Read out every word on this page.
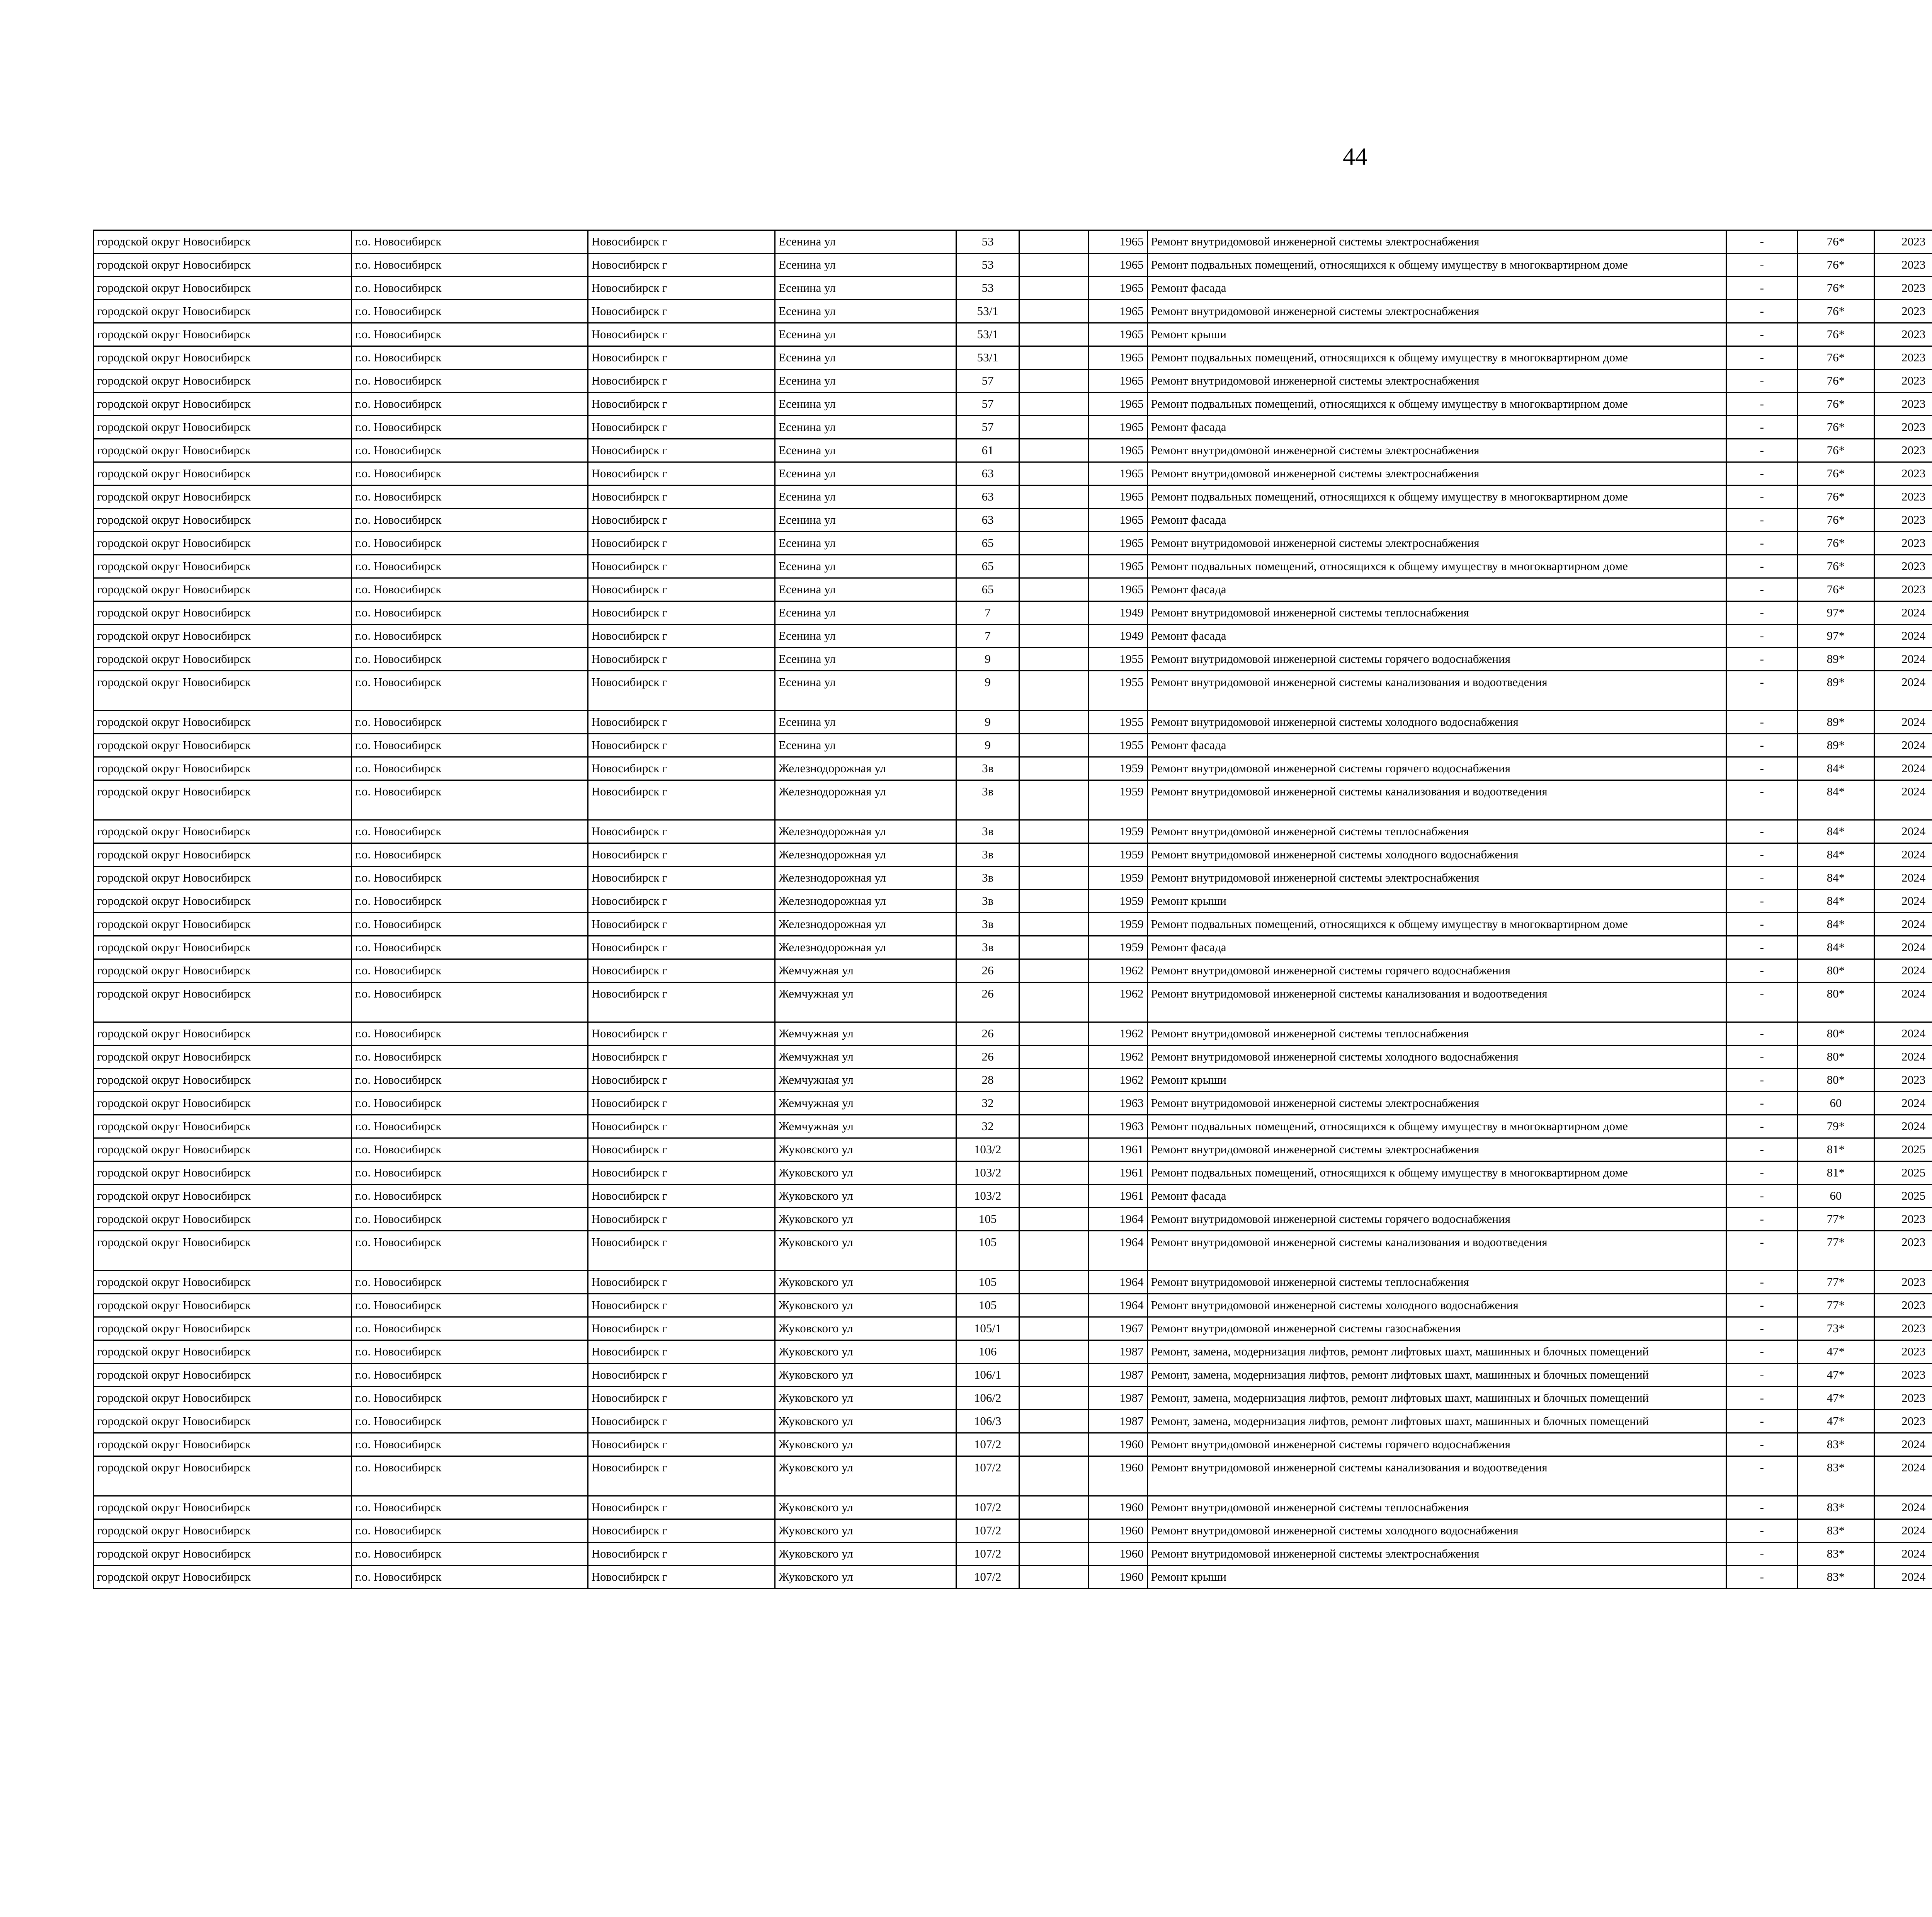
44
городской округ Новосибирск	г.о. Новосибирск	Новосибирск г	Есенина ул	53		1965	Ремонт внутридомовой инженерной системы электроснабжения	-	76*	2023							
городской округ Новосибирск	г.о. Новосибирск	Новосибирск г	Есенина ул	53		1965	Ремонт подвальных помещений, относящихся к общему имуществу в многоквартирном доме	-	76*	2023							
городской округ Новосибирск	г.о. Новосибирск	Новосибирск г	Есенина ул	53		1965	Ремонт фасада	-	76*	2023							
городской округ Новосибирск	г.о. Новосибирск	Новосибирск г	Есенина ул	53/1		1965	Ремонт внутридомовой инженерной системы электроснабжения	-	76*	2023							
городской округ Новосибирск	г.о. Новосибирск	Новосибирск г	Есенина ул	53/1		1965	Ремонт крыши	-	76*	2023							
городской округ Новосибирск	г.о. Новосибирск	Новосибирск г	Есенина ул	53/1		1965	Ремонт подвальных помещений, относящихся к общему имуществу в многоквартирном доме	-	76*	2023							
городской округ Новосибирск	г.о. Новосибирск	Новосибирск г	Есенина ул	57		1965	Ремонт внутридомовой инженерной системы электроснабжения	-	76*	2023							
городской округ Новосибирск	г.о. Новосибирск	Новосибирск г	Есенина ул	57		1965	Ремонт подвальных помещений, относящихся к общему имуществу в многоквартирном доме	-	76*	2023							
городской округ Новосибирск	г.о. Новосибирск	Новосибирск г	Есенина ул	57		1965	Ремонт фасада	-	76*	2023							
городской округ Новосибирск	г.о. Новосибирск	Новосибирск г	Есенина ул	61		1965	Ремонт внутридомовой инженерной системы электроснабжения	-	76*	2023							
городской округ Новосибирск	г.о. Новосибирск	Новосибирск г	Есенина ул	63		1965	Ремонт внутридомовой инженерной системы электроснабжения	-	76*	2023							
городской округ Новосибирск	г.о. Новосибирск	Новосибирск г	Есенина ул	63		1965	Ремонт подвальных помещений, относящихся к общему имуществу в многоквартирном доме	-	76*	2023							
городской округ Новосибирск	г.о. Новосибирск	Новосибирск г	Есенина ул	63		1965	Ремонт фасада	-	76*	2023							
городской округ Новосибирск	г.о. Новосибирск	Новосибирск г	Есенина ул	65		1965	Ремонт внутридомовой инженерной системы электроснабжения	-	76*	2023							
городской округ Новосибирск	г.о. Новосибирск	Новосибирск г	Есенина ул	65		1965	Ремонт подвальных помещений, относящихся к общему имуществу в многоквартирном доме	-	76*	2023							
городской округ Новосибирск	г.о. Новосибирск	Новосибирск г	Есенина ул	65		1965	Ремонт фасада	-	76*	2023							
городской округ Новосибирск	г.о. Новосибирск	Новосибирск г	Есенина ул	7		1949	Ремонт внутридомовой инженерной системы теплоснабжения	-	97*	2024							
городской округ Новосибирск	г.о. Новосибирск	Новосибирск г	Есенина ул	7		1949	Ремонт фасада	-	97*	2024							
городской округ Новосибирск	г.о. Новосибирск	Новосибирск г	Есенина ул	9		1955	Ремонт внутридомовой инженерной системы горячего водоснабжения	-	89*	2024							
городской округ Новосибирск	г.о. Новосибирск	Новосибирск г	Есенина ул	9		1955	Ремонт внутридомовой инженерной системы канализования и водоотведения	-	89*	2024							
городской округ Новосибирск	г.о. Новосибирск	Новосибирск г	Есенина ул	9		1955	Ремонт внутридомовой инженерной системы холодного водоснабжения	-	89*	2024							
городской округ Новосибирск	г.о. Новосибирск	Новосибирск г	Есенина ул	9		1955	Ремонт фасада	-	89*	2024							
городской округ Новосибирск	г.о. Новосибирск	Новосибирск г	Железнодорожная ул	3в		1959	Ремонт внутридомовой инженерной системы горячего водоснабжения	-	84*	2024							
городской округ Новосибирск	г.о. Новосибирск	Новосибирск г	Железнодорожная ул	3в		1959	Ремонт внутридомовой инженерной системы канализования и водоотведения	-	84*	2024							
городской округ Новосибирск	г.о. Новосибирск	Новосибирск г	Железнодорожная ул	3в		1959	Ремонт внутридомовой инженерной системы теплоснабжения	-	84*	2024							
городской округ Новосибирск	г.о. Новосибирск	Новосибирск г	Железнодорожная ул	3в		1959	Ремонт внутридомовой инженерной системы холодного водоснабжения	-	84*	2024							
городской округ Новосибирск	г.о. Новосибирск	Новосибирск г	Железнодорожная ул	3в		1959	Ремонт внутридомовой инженерной системы электроснабжения	-	84*	2024							
городской округ Новосибирск	г.о. Новосибирск	Новосибирск г	Железнодорожная ул	3в		1959	Ремонт крыши	-	84*	2024							
городской округ Новосибирск	г.о. Новосибирск	Новосибирск г	Железнодорожная ул	3в		1959	Ремонт подвальных помещений, относящихся к общему имуществу в многоквартирном доме	-	84*	2024							
городской округ Новосибирск	г.о. Новосибирск	Новосибирск г	Железнодорожная ул	3в		1959	Ремонт фасада	-	84*	2024							
городской округ Новосибирск	г.о. Новосибирск	Новосибирск г	Жемчужная ул	26		1962	Ремонт внутридомовой инженерной системы горячего водоснабжения	-	80*	2024							
городской округ Новосибирск	г.о. Новосибирск	Новосибирск г	Жемчужная ул	26		1962	Ремонт внутридомовой инженерной системы канализования и водоотведения	-	80*	2024							
городской округ Новосибирск	г.о. Новосибирск	Новосибирск г	Жемчужная ул	26		1962	Ремонт внутридомовой инженерной системы теплоснабжения	-	80*	2024							
городской округ Новосибирск	г.о. Новосибирск	Новосибирск г	Жемчужная ул	26		1962	Ремонт внутридомовой инженерной системы холодного водоснабжения	-	80*	2024							
городской округ Новосибирск	г.о. Новосибирск	Новосибирск г	Жемчужная ул	28		1962	Ремонт крыши	-	80*	2023							
городской округ Новосибирск	г.о. Новосибирск	Новосибирск г	Жемчужная ул	32		1963	Ремонт внутридомовой инженерной системы электроснабжения	-	60	2024							
городской округ Новосибирск	г.о. Новосибирск	Новосибирск г	Жемчужная ул	32		1963	Ремонт подвальных помещений, относящихся к общему имуществу в многоквартирном доме	-	79*	2024							
городской округ Новосибирск	г.о. Новосибирск	Новосибирск г	Жуковского ул	103/2		1961	Ремонт внутридомовой инженерной системы электроснабжения	-	81*	2025							
городской округ Новосибирск	г.о. Новосибирск	Новосибирск г	Жуковского ул	103/2		1961	Ремонт подвальных помещений, относящихся к общему имуществу в многоквартирном доме	-	81*	2025							
городской округ Новосибирск	г.о. Новосибирск	Новосибирск г	Жуковского ул	103/2		1961	Ремонт фасада	-	60	2025							
городской округ Новосибирск	г.о. Новосибирск	Новосибирск г	Жуковского ул	105		1964	Ремонт внутридомовой инженерной системы горячего водоснабжения	-	77*	2023							
городской округ Новосибирск	г.о. Новосибирск	Новосибирск г	Жуковского ул	105		1964	Ремонт внутридомовой инженерной системы канализования и водоотведения	-	77*	2023							
городской округ Новосибирск	г.о. Новосибирск	Новосибирск г	Жуковского ул	105		1964	Ремонт внутридомовой инженерной системы теплоснабжения	-	77*	2023							
городской округ Новосибирск	г.о. Новосибирск	Новосибирск г	Жуковского ул	105		1964	Ремонт внутридомовой инженерной системы холодного водоснабжения	-	77*	2023							
городской округ Новосибирск	г.о. Новосибирск	Новосибирск г	Жуковского ул	105/1		1967	Ремонт внутридомовой инженерной системы газоснабжения	-	73*	2023							
городской округ Новосибирск	г.о. Новосибирск	Новосибирск г	Жуковского ул	106		1987	Ремонт, замена, модернизация лифтов, ремонт лифтовых шахт, машинных и блочных помещений	-	47*	2023							
городской округ Новосибирск	г.о. Новосибирск	Новосибирск г	Жуковского ул	106/1		1987	Ремонт, замена, модернизация лифтов, ремонт лифтовых шахт, машинных и блочных помещений	-	47*	2023							
городской округ Новосибирск	г.о. Новосибирск	Новосибирск г	Жуковского ул	106/2		1987	Ремонт, замена, модернизация лифтов, ремонт лифтовых шахт, машинных и блочных помещений	-	47*	2023							
городской округ Новосибирск	г.о. Новосибирск	Новосибирск г	Жуковского ул	106/3		1987	Ремонт, замена, модернизация лифтов, ремонт лифтовых шахт, машинных и блочных помещений	-	47*	2023							
городской округ Новосибирск	г.о. Новосибирск	Новосибирск г	Жуковского ул	107/2		1960	Ремонт внутридомовой инженерной системы горячего водоснабжения	-	83*	2024							
городской округ Новосибирск	г.о. Новосибирск	Новосибирск г	Жуковского ул	107/2		1960	Ремонт внутридомовой инженерной системы канализования и водоотведения	-	83*	2024							
городской округ Новосибирск	г.о. Новосибирск	Новосибирск г	Жуковского ул	107/2		1960	Ремонт внутридомовой инженерной системы теплоснабжения	-	83*	2024							
городской округ Новосибирск	г.о. Новосибирск	Новосибирск г	Жуковского ул	107/2		1960	Ремонт внутридомовой инженерной системы холодного водоснабжения	-	83*	2024							
городской округ Новосибирск	г.о. Новосибирск	Новосибирск г	Жуковского ул	107/2		1960	Ремонт внутридомовой инженерной системы электроснабжения	-	83*	2024							
городской округ Новосибирск	г.о. Новосибирск	Новосибирск г	Жуковского ул	107/2		1960	Ремонт крыши	-	83*	2024							
